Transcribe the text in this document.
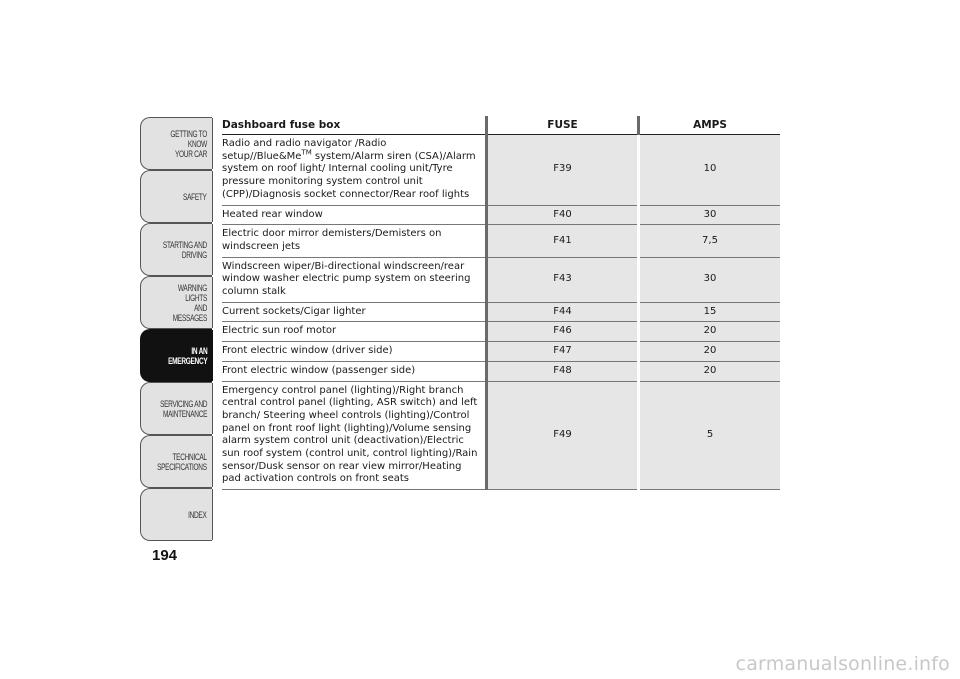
GETTING TO KNOW
YOUR CAR
SAFETY
STARTING AND
DRIVING
WARNING LIGHTS
AND MESSAGES
IN AN
EMERGENCY
SERVICING AND
MAINTENANCE
TECHNICAL
SPECIFICATIONS
INDEX
194
Dashboard fuse box	FUSE	AMPS
Radio and radio navigator /Radio setup//Blue&Me™ system/Alarm siren (CSA)/Alarm system on roof light/ Internal cooling unit/Tyre pressure monitoring system control unit (CPP)/Diagnosis socket connector/Rear roof lights	F39	10
Heated rear window	F40	30
Electric door mirror demisters/Demisters on windscreen jets	F41	7,5
Windscreen wiper/Bi-directional windscreen/rear window washer electric pump system on steering column stalk	F43	30
Current sockets/Cigar lighter	F44	15
Electric sun roof motor	F46	20
Front electric window (driver side)	F47	20
Front electric window (passenger side)	F48	20
Emergency control panel (lighting)/Right branch central control panel (lighting, ASR switch) and left branch/ Steering wheel controls (lighting)/Control panel on front roof light (lighting)/Volume sensing alarm system control unit (deactivation)/Electric sun roof system (control unit, control lighting)/Rain sensor/Dusk sensor on rear view mirror/Heating pad activation controls on front seats	F49	5
carmanualsonline.info
